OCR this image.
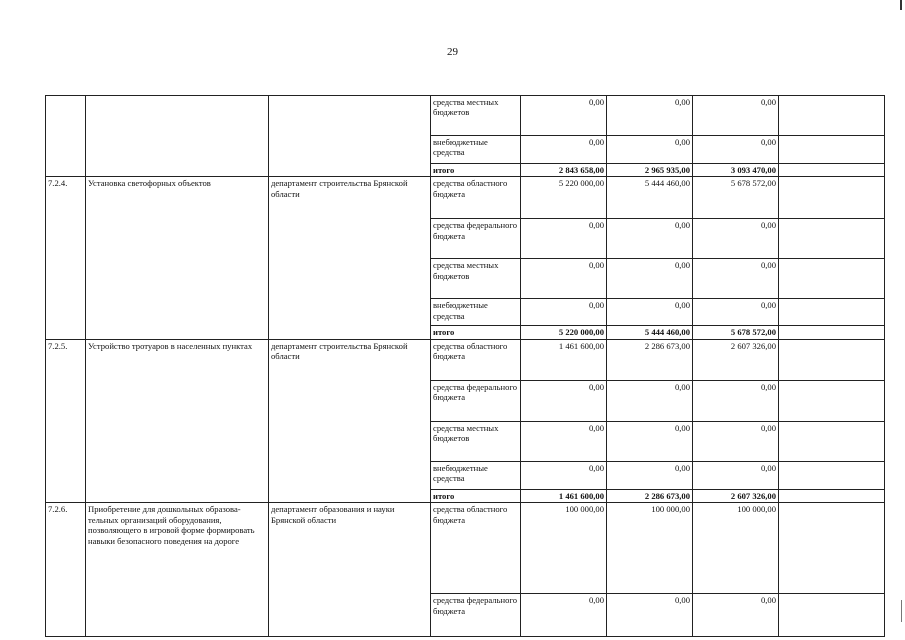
29
			средства местных бюджетов	0,00	0,00	0,00	
			внебюджетные средства	0,00	0,00	0,00	
			итого	2 843 658,00	2 965 935,00	3 093 470,00	
7.2.4.	Установка светофорных объектов	департамент строительства Брянской области	средства областного бюджета	5 220 000,00	5 444 460,00	5 678 572,00	
			средства федерального бюджета	0,00	0,00	0,00	
			средства местных бюджетов	0,00	0,00	0,00	
			внебюджетные средства	0,00	0,00	0,00	
			итого	5 220 000,00	5 444 460,00	5 678 572,00	
7.2.5.	Устройство тротуаров в населенных пунктах	департамент строительства Брянской области	средства областного бюджета	1 461 600,00	2 286 673,00	2 607 326,00	
			средства федерального бюджета	0,00	0,00	0,00	
			средства местных бюджетов	0,00	0,00	0,00	
			внебюджетные средства	0,00	0,00	0,00	
			итого	1 461 600,00	2 286 673,00	2 607 326,00	
7.2.6.	Приобретение для дошкольных образова-тельных организаций оборудования, позволяющего в игровой форме формировать навыки безопасного поведения на дороге	департамент образования и науки Брянской области	средства областного бюджета	100 000,00	100 000,00	100 000,00	
			средства федерального бюджета	0,00	0,00	0,00	
